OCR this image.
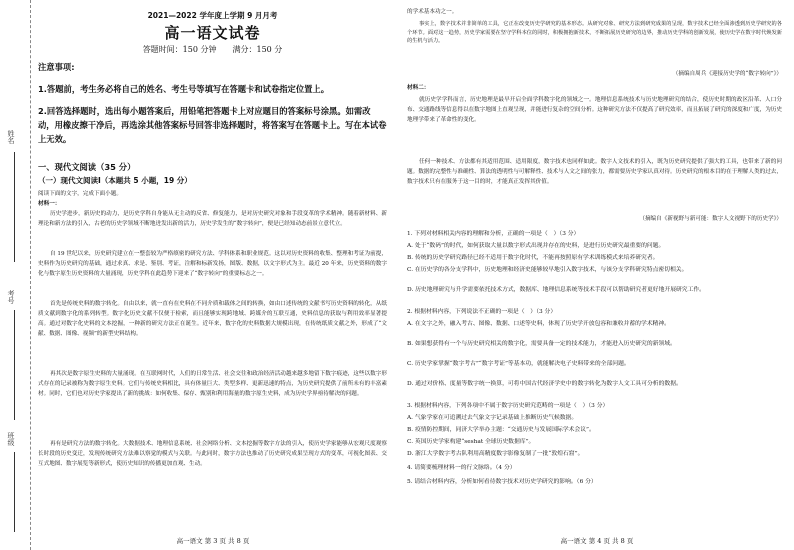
姓名
考号
班级
2021—2022 学年度上学期 9 月月考
高一语文试卷
答题时间：150 分钟　　满分：150 分
注意事项:
1.答題前，考生务必将自己的姓名、考生号等填写在答题卡和试卷指定位置上。
2.回答选择题时，选出每小题答案后，用铅笔把答题卡上对应题目的答案标号涂黑。如需改动，用橡皮擦干净后，再选涂其他答案标号回答非选择题时，将答案写在答题卡上。写在本试卷上无效。
一、现代文阅读（35 分）
（一）现代文阅读Ⅰ（本题共 5 小题，19 分）
阅读下面的文字，完成下面小题。
材料一：
历史学进步，新历史的动力，是历史学科自身能从无主动的反省、修复能力，是对历史研究对象和手段变革的学术精神。随着新材料、新理论和新方法的引入，古老的历史学领域不断地迸发出新的活力，历史学发生的“数字转向”，便是已经知动态前景立意代立。
自 19 世纪以来，历史研究建立在一整套较为严格缜密的研究方法、学科体系和职业规范。这以对历史资料的收集、整理和考证为前提，史料作为历史研究的基础，通过求真、求是、鉴别、考证，注解和标新发扬，图版、数据，以文字形式为主。最近 20 年来，历史资料的数字化与数字原生历史资料的大量涌现，历史学科在此趋势下迎来了“数字转向”的重要标志之一。
首先是传统史料的数字转化。自由以来，就一直有在史料在不同介质和载体之间的转换，如由口述传统的文献书写历史资料的转化，从纸质文献到数字化的系列转型。数字化历史文献不仅便于检索，而且能够实现跨地域、跨媒介的互联互通，史料信息的获取与利用效率显著提高。通过对数字化史料的文本挖掘，一种新的研究方法正在诞生。近年来，数字化的史料数据大规模出现，在传统纸质文献之外，形成了“文献、数据、图像、视频”的新型史料结构。
再其次是数字原生史料的大量涌现。在互联网时代，人们的日常生活、社会交往和政治经济活动越来越多地留下数字痕迹，这些以数字形式存在的记录被称为数字原生史料。它们与传统史料相比，具有体量巨大、类型多样、更新迅速的特点，为历史研究提供了前所未有的丰富素材。同时，它们也对历史学家提出了新的挑战：如何收集、保存、甄别和利用海量的数字原生史料，成为历史学界亟待解决的问题。
再有是研究方法的数字转化。大数据技术、地理信息系统、社会网络分析、文本挖掘等数字方法的引入，使历史学家能够从宏观尺度观察长时段的历史变迁，发现传统研究方法难以察觉的模式与关联。与此同时，数字方法也推动了历史研究成果呈现方式的变革，可视化图表、交互式地图、数字展览等新形式，使历史知识的传播更加直观、生动。
高一语文 第 3 页 共 8 页
的学术基本功之一。
事实上，数字技术并非简单的工具，它正在改变历史学研究的基本形态。从研究对象、研究方法到研究成果的呈现，数字技术已经全面渗透到历史学研究的各个环节。面对这一趋势，历史学家需要在坚守学科本位的同时，积极拥抱新技术，不断拓展历史研究的边界，推动历史学科的创新发展，使历史学在数字时代焕发新的生机与活力。
（摘编自周兵《迎接历史学的“数字转向”》）
材料二：
就历史学学科而言，历史地理是最早开启全面学科数字化的领域之一。地理信息系统技术与历史地理研究的结合，使历史时期的政区沿革、人口分布、交通路线等信息得以在数字地图上直观呈现，并能进行复杂的空间分析。这种研究方法不仅提高了研究效率，而且拓展了研究的深度和广度，为历史地理学带来了革命性的变化。
任何一种技术、方法都有其适用范围、适用限度，数字技术也同样如此。数字人文技术的引入，既为历史研究提供了强大的工具，也带来了新的问题。数据的完整性与准确性、算法的透明性与可解释性、技术与人文之间的张力，都需要历史学家认真对待。历史研究的根本目的在于理解人类的过去，数字技术只有在服务于这一目的时，才能真正发挥其价值。
（摘编自《新视野与新可能：数字人文视野下的历史学》）
1. 下列对材料相关内容的理解和分析，正确的一项是（　）（3 分）
A. 处于“数码”的时代，如何获取大量以数字形式出现并存在的史料，是进行历史研究最重要的问题。
B. 传统的历史学研究路径已经不适用于数字化时代，不能再按照原有学术训练模式来培养研究者。
C. 在历史学的各分支学科中，历史地理和经济史能够较早地引入数字技术，与该分支学科研究特点密切相关。
D. 历史地理研究与升学需要依托技术方式，数据库、地理信息系统等技术手段可以帮助研究者更好地开展研究工作。
2. 根据材料内容，下列说法不正确的一项是（　）（3 分）
A. 在文字之外，融入考古、图像、数据、口述等史料，体现了历史学开放包容和兼收并蓄的学术精神。
B. 如果想获得有一个与历史研究相关的数字化，需要具备一定的技术能力，才能进入历史研究的新领域。
C. 历史学家掌握“数字考古”“数字考证”等基本功，就能解决电子史料带来的全部问题。
D. 通过对价格、度量等数字统一换算，可将中国古代经济学史中的数字转化为数字人文工具可分析的数据。
3. 根据材料内容，下列各项中不属于数字历史研究范畴的一项是（　）（3 分）
A. 气象学家在可追溯过去气象文字记录基础上推断历史气候数据。
B. 疫情防控期间，同济大学举办主题：“交通历史与发展国际学术会议”。
C. 英国历史学家构建“seshat 全球历史数据库”。
D. 浙江大学数字考古队利用高精度数字影像复制了一批“敦煌石窟”。
4. 请简要梳理材料一的行文脉络。（4 分）
5. 请结合材料内容，分析如何看待数字技术对历史学研究的影响。（6 分）
高一语文 第 4 页 共 8 页
